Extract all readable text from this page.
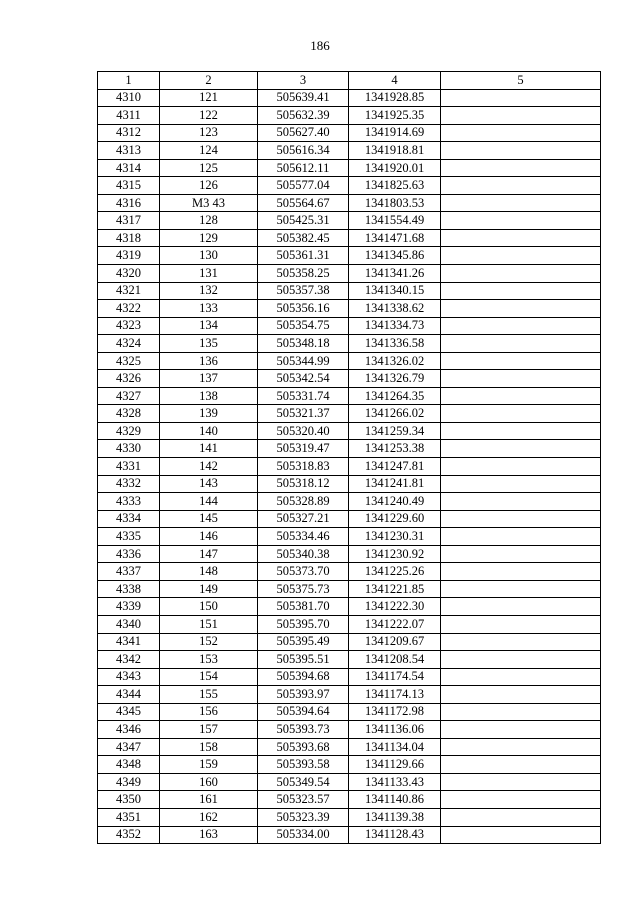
186
1	2	3	4	5
4310	121	505639.41	1341928.85	
4311	122	505632.39	1341925.35	
4312	123	505627.40	1341914.69	
4313	124	505616.34	1341918.81	
4314	125	505612.11	1341920.01	
4315	126	505577.04	1341825.63	
4316	М3 43	505564.67	1341803.53	
4317	128	505425.31	1341554.49	
4318	129	505382.45	1341471.68	
4319	130	505361.31	1341345.86	
4320	131	505358.25	1341341.26	
4321	132	505357.38	1341340.15	
4322	133	505356.16	1341338.62	
4323	134	505354.75	1341334.73	
4324	135	505348.18	1341336.58	
4325	136	505344.99	1341326.02	
4326	137	505342.54	1341326.79	
4327	138	505331.74	1341264.35	
4328	139	505321.37	1341266.02	
4329	140	505320.40	1341259.34	
4330	141	505319.47	1341253.38	
4331	142	505318.83	1341247.81	
4332	143	505318.12	1341241.81	
4333	144	505328.89	1341240.49	
4334	145	505327.21	1341229.60	
4335	146	505334.46	1341230.31	
4336	147	505340.38	1341230.92	
4337	148	505373.70	1341225.26	
4338	149	505375.73	1341221.85	
4339	150	505381.70	1341222.30	
4340	151	505395.70	1341222.07	
4341	152	505395.49	1341209.67	
4342	153	505395.51	1341208.54	
4343	154	505394.68	1341174.54	
4344	155	505393.97	1341174.13	
4345	156	505394.64	1341172.98	
4346	157	505393.73	1341136.06	
4347	158	505393.68	1341134.04	
4348	159	505393.58	1341129.66	
4349	160	505349.54	1341133.43	
4350	161	505323.57	1341140.86	
4351	162	505323.39	1341139.38	
4352	163	505334.00	1341128.43	
